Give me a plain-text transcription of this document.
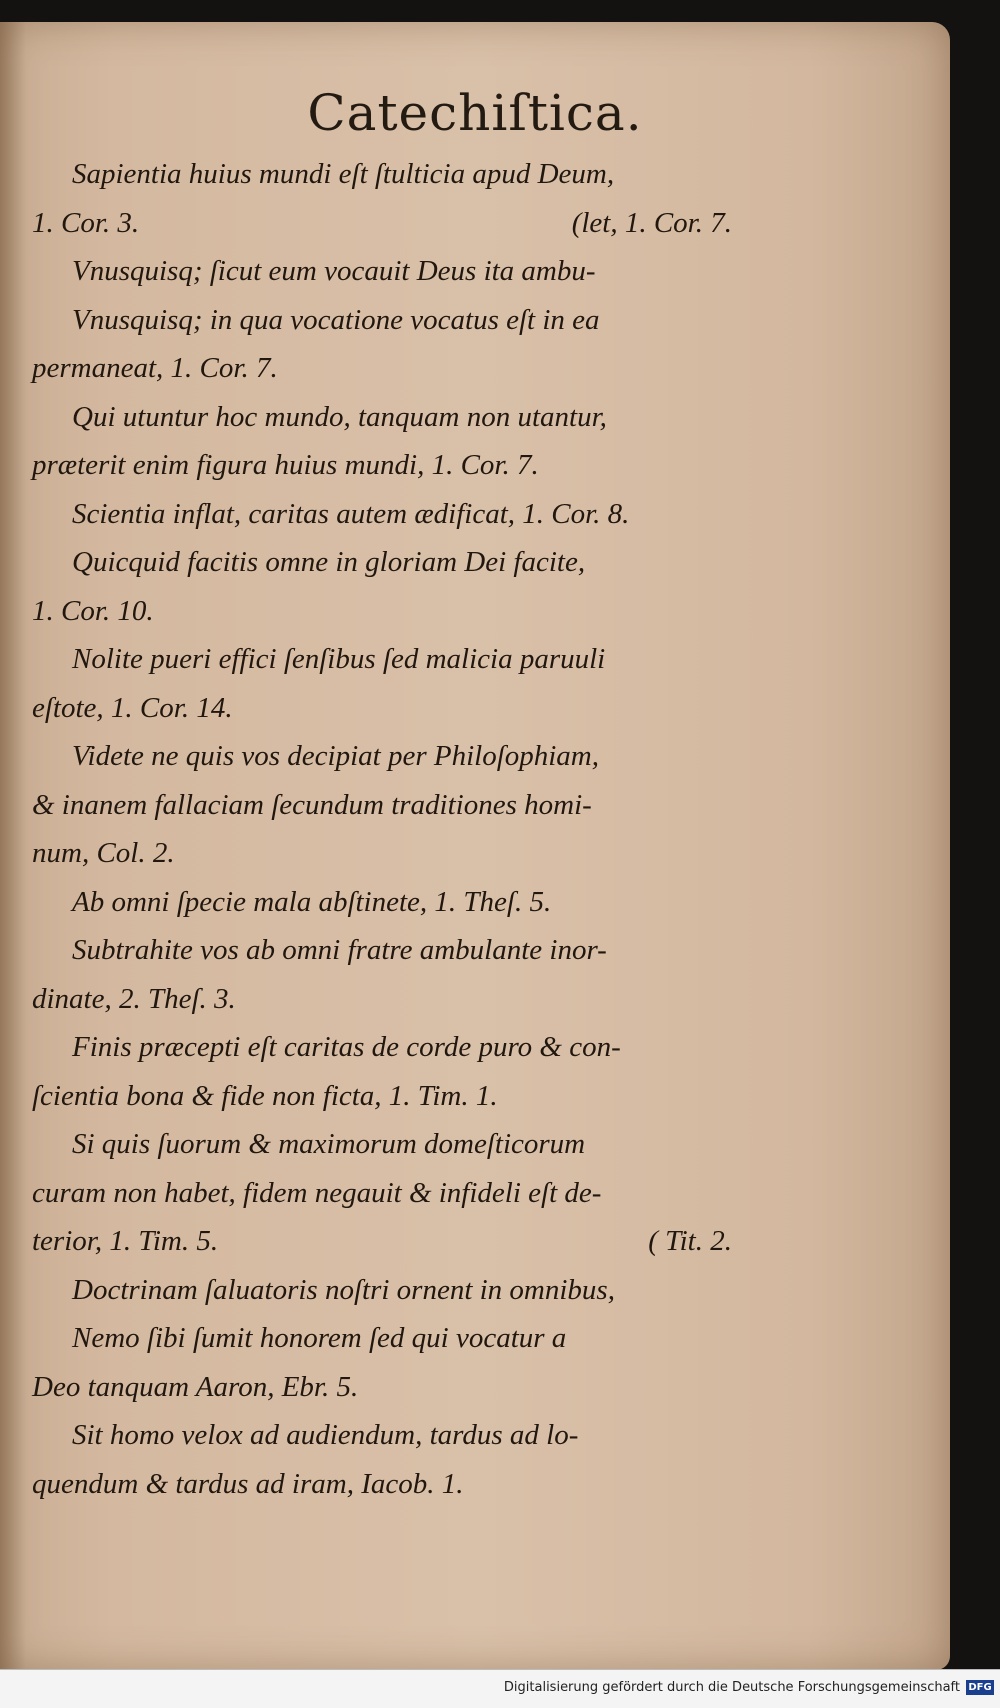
Catechiſtica.
Sapientia huius mundi eſt ſtulticia apud Deum,
1. Cor. 3.	(let, 1. Cor. 7.
Vnusquisq; ſicut eum vocauit Deus ita ambu-
Vnusquisq; in qua vocatione vocatus eſt in ea
permaneat, 1. Cor. 7.
Qui utuntur hoc mundo, tanquam non utantur,
præterit enim figura huius mundi, 1. Cor. 7.
Scientia inflat, caritas autem ædificat, 1. Cor. 8.
Quicquid facitis omne in gloriam Dei facite,
1. Cor. 10.
Nolite pueri effici ſenſibus ſed malicia paruuli
eſtote, 1. Cor. 14.
Videte ne quis vos decipiat per Philoſophiam,
& inanem fallaciam ſecundum traditiones homi-
num, Col. 2.
Ab omni ſpecie mala abſtinete, 1. Theſ. 5.
Subtrahite vos ab omni fratre ambulante inor-
dinate, 2. Theſ. 3.
Finis præcepti eſt caritas de corde puro & con-
ſcientia bona & fide non ficta, 1. Tim. 1.
Si quis ſuorum & maximorum domeſticorum
curam non habet, fidem negauit & infideli eſt de-
terior, 1. Tim. 5.	( Tit. 2.
Doctrinam ſaluatoris noſtri ornent in omnibus,
Nemo ſibi ſumit honorem ſed qui vocatur a
Deo tanquam Aaron, Ebr. 5.
Sit homo velox ad audiendum, tardus ad lo-
quendum & tardus ad iram, Iacob. 1.
Digitalisierung gefördert durch die Deutsche Forschungsgemeinschaft DFG
